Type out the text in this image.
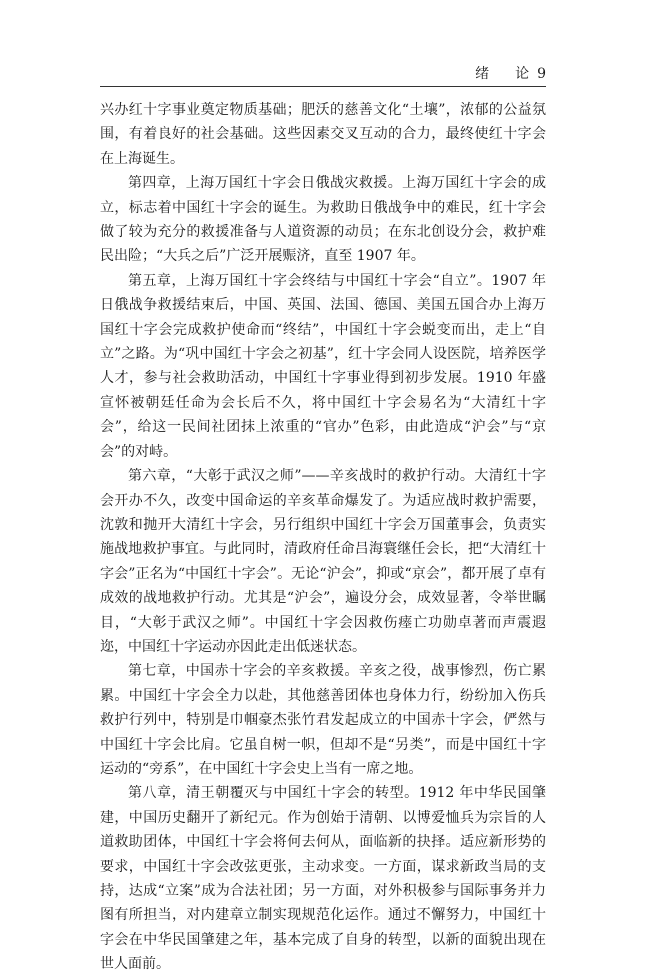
绪　论 9

兴办红十字事业奠定物质基础；肥沃的慈善文化“土壤”，浓郁的公益氛围，有着良好的社会基础。这些因素交叉互动的合力，最终使红十字会在上海诞生。

第四章，上海万国红十字会日俄战灾救援。上海万国红十字会的成立，标志着中国红十字会的诞生。为救助日俄战争中的难民，红十字会做了较为充分的救援准备与人道资源的动员；在东北创设分会，救护难民出险；“大兵之后”广泛开展赈济，直至 1907 年。

第五章，上海万国红十字会终结与中国红十字会“自立”。1907 年日俄战争救援结束后，中国、英国、法国、德国、美国五国合办上海万国红十字会完成救护使命而“终结”，中国红十字会蜕变而出，走上“自立”之路。为“巩中国红十字会之初基”，红十字会同人设医院，培养医学人才，参与社会救助活动，中国红十字事业得到初步发展。1910 年盛宣怀被朝廷任命为会长后不久，将中国红十字会易名为“大清红十字会”，给这一民间社团抹上浓重的“官办”色彩，由此造成“沪会”与“京会”的对峙。

第六章，“大彰于武汉之师”——辛亥战时的救护行动。大清红十字会开办不久，改变中国命运的辛亥革命爆发了。为适应战时救护需要，沈敦和抛开大清红十字会，另行组织中国红十字会万国董事会，负责实施战地救护事宜。与此同时，清政府任命吕海寰继任会长，把“大清红十字会”正名为“中国红十字会”。无论“沪会”，抑或“京会”，都开展了卓有成效的战地救护行动。尤其是“沪会”，遍设分会，成效显著，令举世瞩目，“大彰于武汉之师”。中国红十字会因救伤瘗亡功勋卓著而声震遐迩，中国红十字运动亦因此走出低迷状态。

第七章，中国赤十字会的辛亥救援。辛亥之役，战事惨烈，伤亡累累。中国红十字会全力以赴，其他慈善团体也身体力行，纷纷加入伤兵救护行列中，特别是巾帼豪杰张竹君发起成立的中国赤十字会，俨然与中国红十字会比肩。它虽自树一帜，但却不是“另类”，而是中国红十字运动的“旁系”，在中国红十字会史上当有一席之地。

第八章，清王朝覆灭与中国红十字会的转型。1912 年中华民国肇建，中国历史翻开了新纪元。作为创始于清朝、以博爱恤兵为宗旨的人道救助团体，中国红十字会将何去何从，面临新的抉择。适应新形势的要求，中国红十字会改弦更张，主动求变。一方面，谋求新政当局的支持，达成“立案”成为合法社团；另一方面，对外积极参与国际事务并力图有所担当，对内建章立制实现规范化运作。通过不懈努力，中国红十字会在中华民国肇建之年，基本完成了自身的转型，以新的面貌出现在世人面前。
